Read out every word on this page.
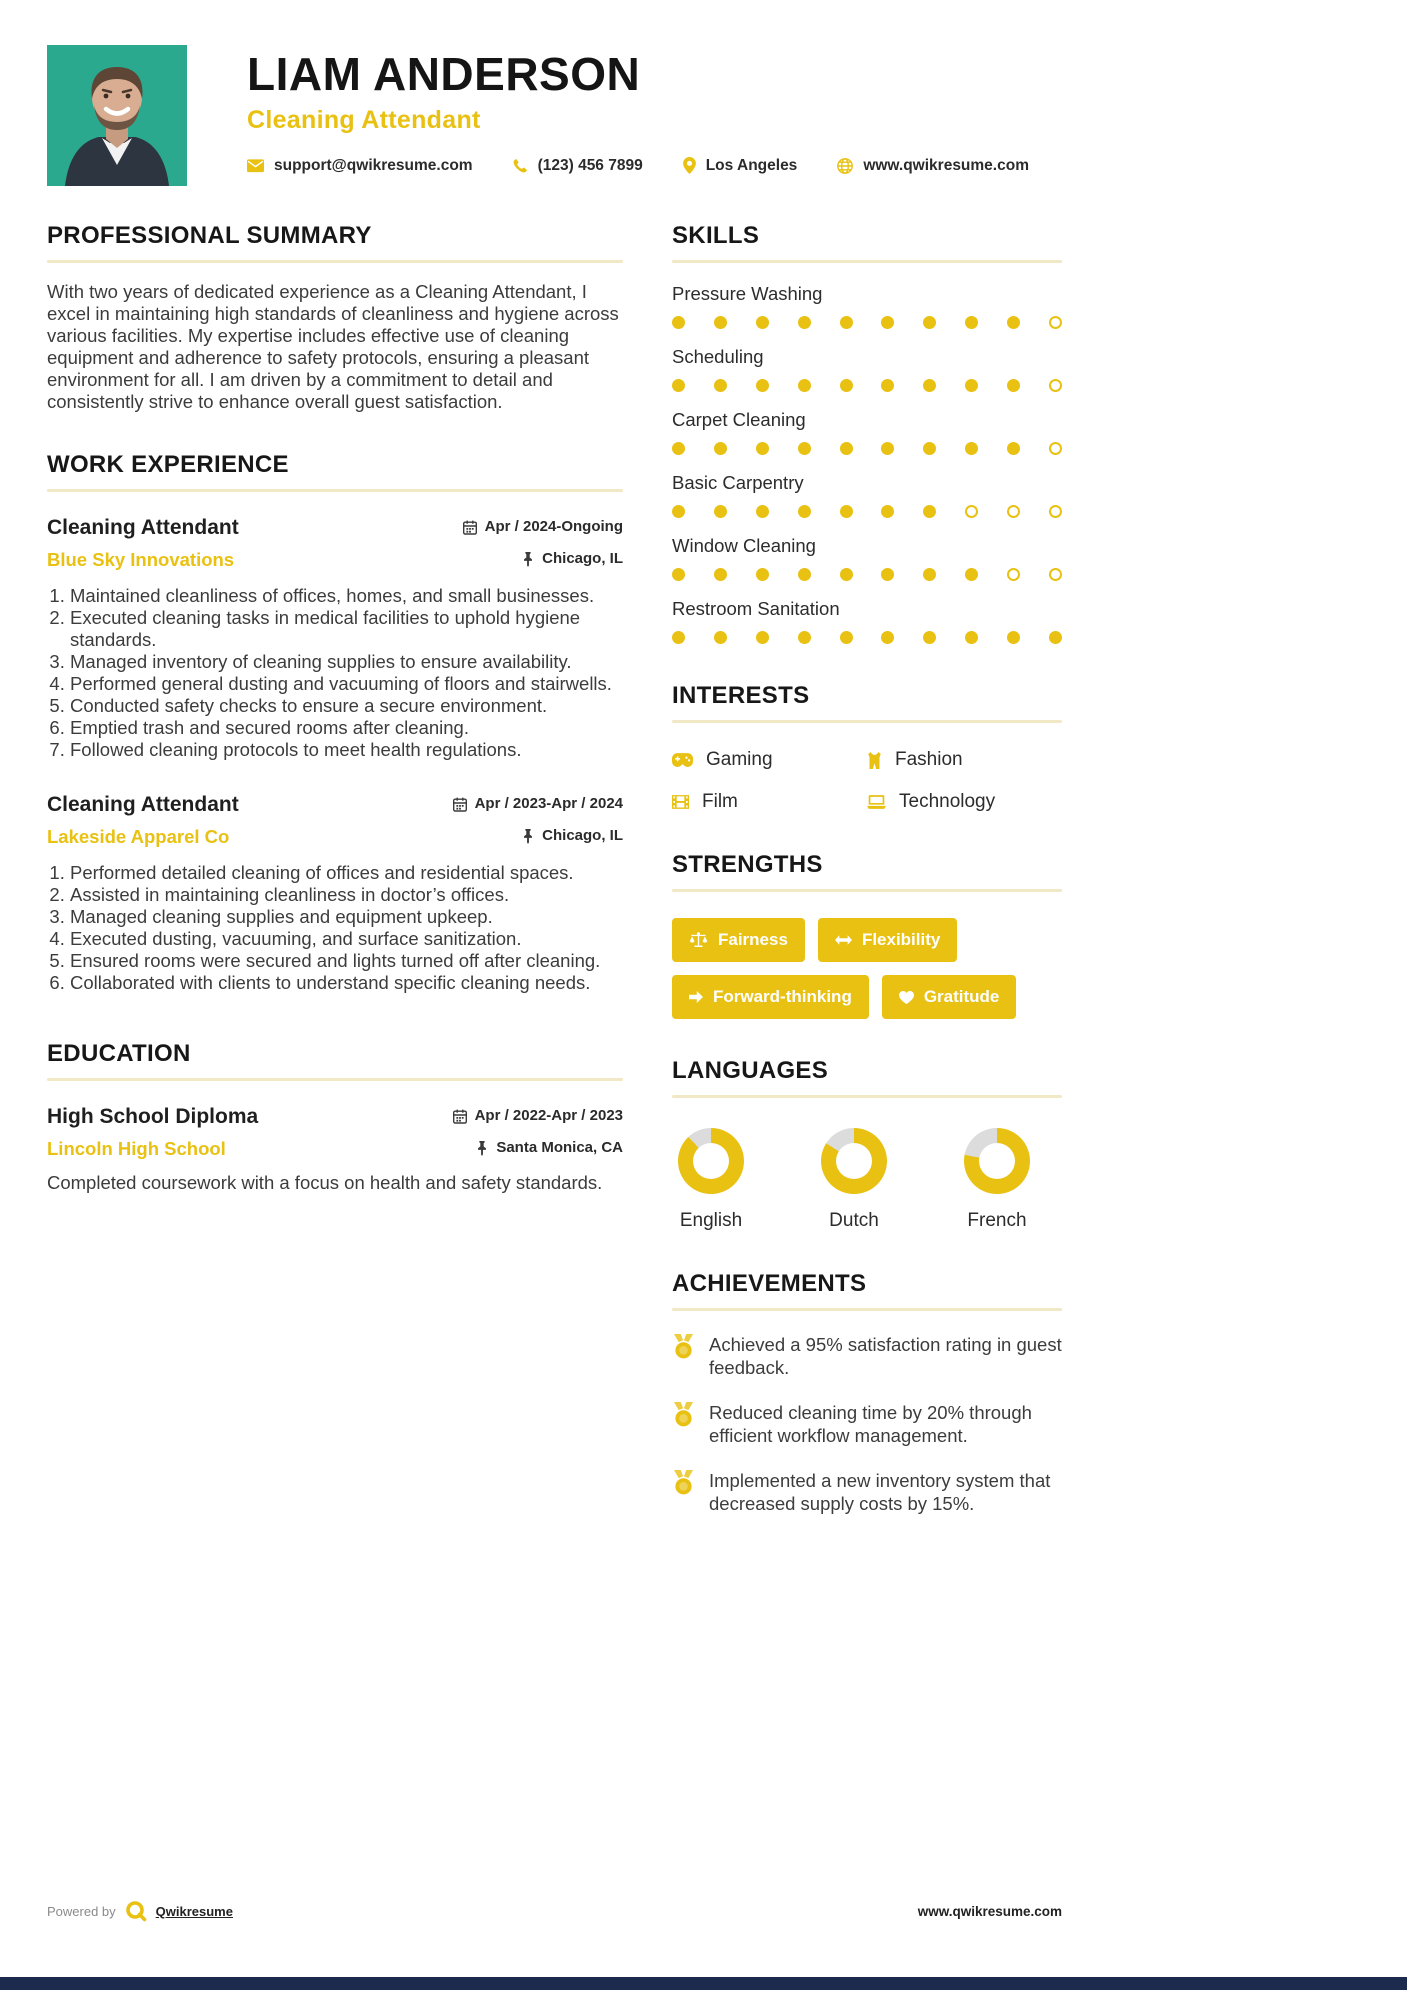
LIAM ANDERSON
Cleaning Attendant
support@qwikresume.com	(123) 456 7899	Los Angeles	www.qwikresume.com
PROFESSIONAL SUMMARY

With two years of dedicated experience as a Cleaning Attendant, I excel in maintaining high standards of cleanliness and hygiene across various facilities. My expertise includes effective use of cleaning equipment and adherence to safety protocols, ensuring a pleasant environment for all. I am driven by a commitment to detail and consistently strive to enhance overall guest satisfaction.

WORK EXPERIENCE
Cleaning Attendant	Apr / 2024-Ongoing
Blue Sky Innovations	Chicago, IL
1. Maintained cleanliness of offices, homes, and small businesses.
2. Executed cleaning tasks in medical facilities to uphold hygiene standards.
3. Managed inventory of cleaning supplies to ensure availability.
4. Performed general dusting and vacuuming of floors and stairwells.
5. Conducted safety checks to ensure a secure environment.
6. Emptied trash and secured rooms after cleaning.
7. Followed cleaning protocols to meet health regulations.
Cleaning Attendant	Apr / 2023-Apr / 2024
Lakeside Apparel Co	Chicago, IL
1. Performed detailed cleaning of offices and residential spaces.
2. Assisted in maintaining cleanliness in doctor’s offices.
3. Managed cleaning supplies and equipment upkeep.
4. Executed dusting, vacuuming, and surface sanitization.
5. Ensured rooms were secured and lights turned off after cleaning.
6. Collaborated with clients to understand specific cleaning needs.
EDUCATION
High School Diploma	Apr / 2022-Apr / 2023
Lincoln High School	Santa Monica, CA

Completed coursework with a focus on health and safety standards.

SKILLS
Pressure Washing
Scheduling
Carpet Cleaning
Basic Carpentry
Window Cleaning
Restroom Sanitation
INTERESTS
Gaming	Fashion
Film	Technology
STRENGTHS
Fairness	Flexibility
Forward-thinking	Gratitude
LANGUAGES
English	Dutch	French
ACHIEVEMENTS

Achieved a 95% satisfaction rating in guest feedback.

Reduced cleaning time by 20% through efficient workflow management.

Implemented a new inventory system that decreased supply costs by 15%.

Powered by	Qwikresume	www.qwikresume.com
